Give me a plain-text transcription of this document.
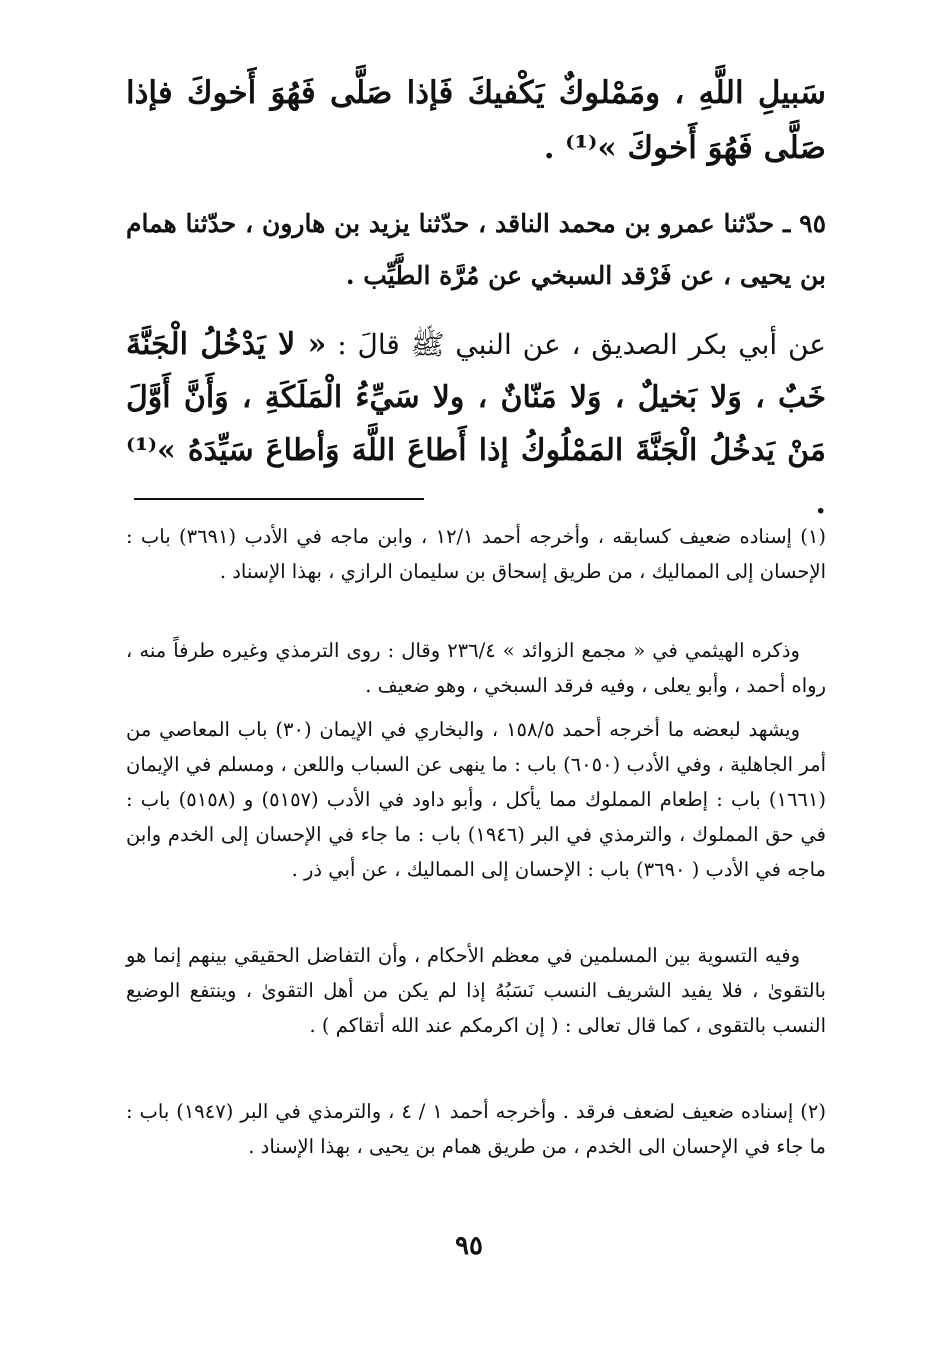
سَبيلِ اللَّهِ ، ومَمْلوكٌ يَكْفيكَ فَإذا صَلَّى فَهُوَ أَخوكَ فإذا صَلَّى فَهُوَ أَخوكَ »⁽¹⁾ .

٩٥ ـ حدّثنا عمرو بن محمد الناقد ، حدّثنا يزيد بن هارون ، حدّثنا همام بن يحيى ، عن فَرْقد السبخي عن مُرَّة الطَّيِّب .

عن أبي بكر الصديق ، عن النبي ﷺ قالَ : « لا يَدْخُلُ الْجَنَّةَ خَبٌ ، وَلا بَخيلٌ ، وَلا مَنّانٌ ، ولا سَيِّءُ الْمَلَكَةِ ، وَأَنَّ أَوَّلَ مَنْ يَدخُلُ الْجَنَّةَ المَمْلُوكُ إذا أَطاعَ اللَّهَ وَأطاعَ سَيِّدَهُ »⁽¹⁾ .

(١) إسناده ضعيف كسابقه ، وأخرجه أحمد ١٢/١ ، وابن ماجه في الأدب (٣٦٩١) باب : الإحسان إلى المماليك ، من طريق إسحاق بن سليمان الرازي ، بهذا الإسناد .

وذكره الهيثمي في « مجمع الزوائد » ٢٣٦/٤ وقال : روى الترمذي وغيره طرفاً منه ، رواه أحمد ، وأبو يعلى ، وفيه فرقد السبخي ، وهو ضعيف .

ويشهد لبعضه ما أخرجه أحمد ١٥٨/٥ ، والبخاري في الإيمان (٣٠) باب المعاصي من أمر الجاهلية ، وفي الأدب (٦٠٥٠) باب : ما ينهى عن السباب واللعن ، ومسلم في الإيمان (١٦٦١) باب : إطعام المملوك مما يأكل ، وأبو داود في الأدب (٥١٥٧) و (٥١٥٨) باب : في حق المملوك ، والترمذي في البر (١٩٤٦) باب : ما جاء في الإحسان إلى الخدم وابن ماجه في الأدب ( ٣٦٩٠) باب : الإحسان إلى المماليك ، عن أبي ذر .

وفيه التسوية بين المسلمين في معظم الأحكام ، وأن التفاضل الحقيقي بينهم إنما هو بالتقوىٰ ، فلا يفيد الشريف النسب نَسَبُهُ إذا لم يكن من أهل التقوىٰ ، وينتفع الوضيع النسب بالتقوى ، كما قال تعالى : ( إن اكرمكم عند الله أتقاكم ) .

(٢) إسناده ضعيف لضعف فرقد . وأخرجه أحمد ١ / ٤ ، والترمذي في البر (١٩٤٧) باب : ما جاء في الإحسان الى الخدم ، من طريق همام بن يحيى ، بهذا الإسناد .

٩٥
